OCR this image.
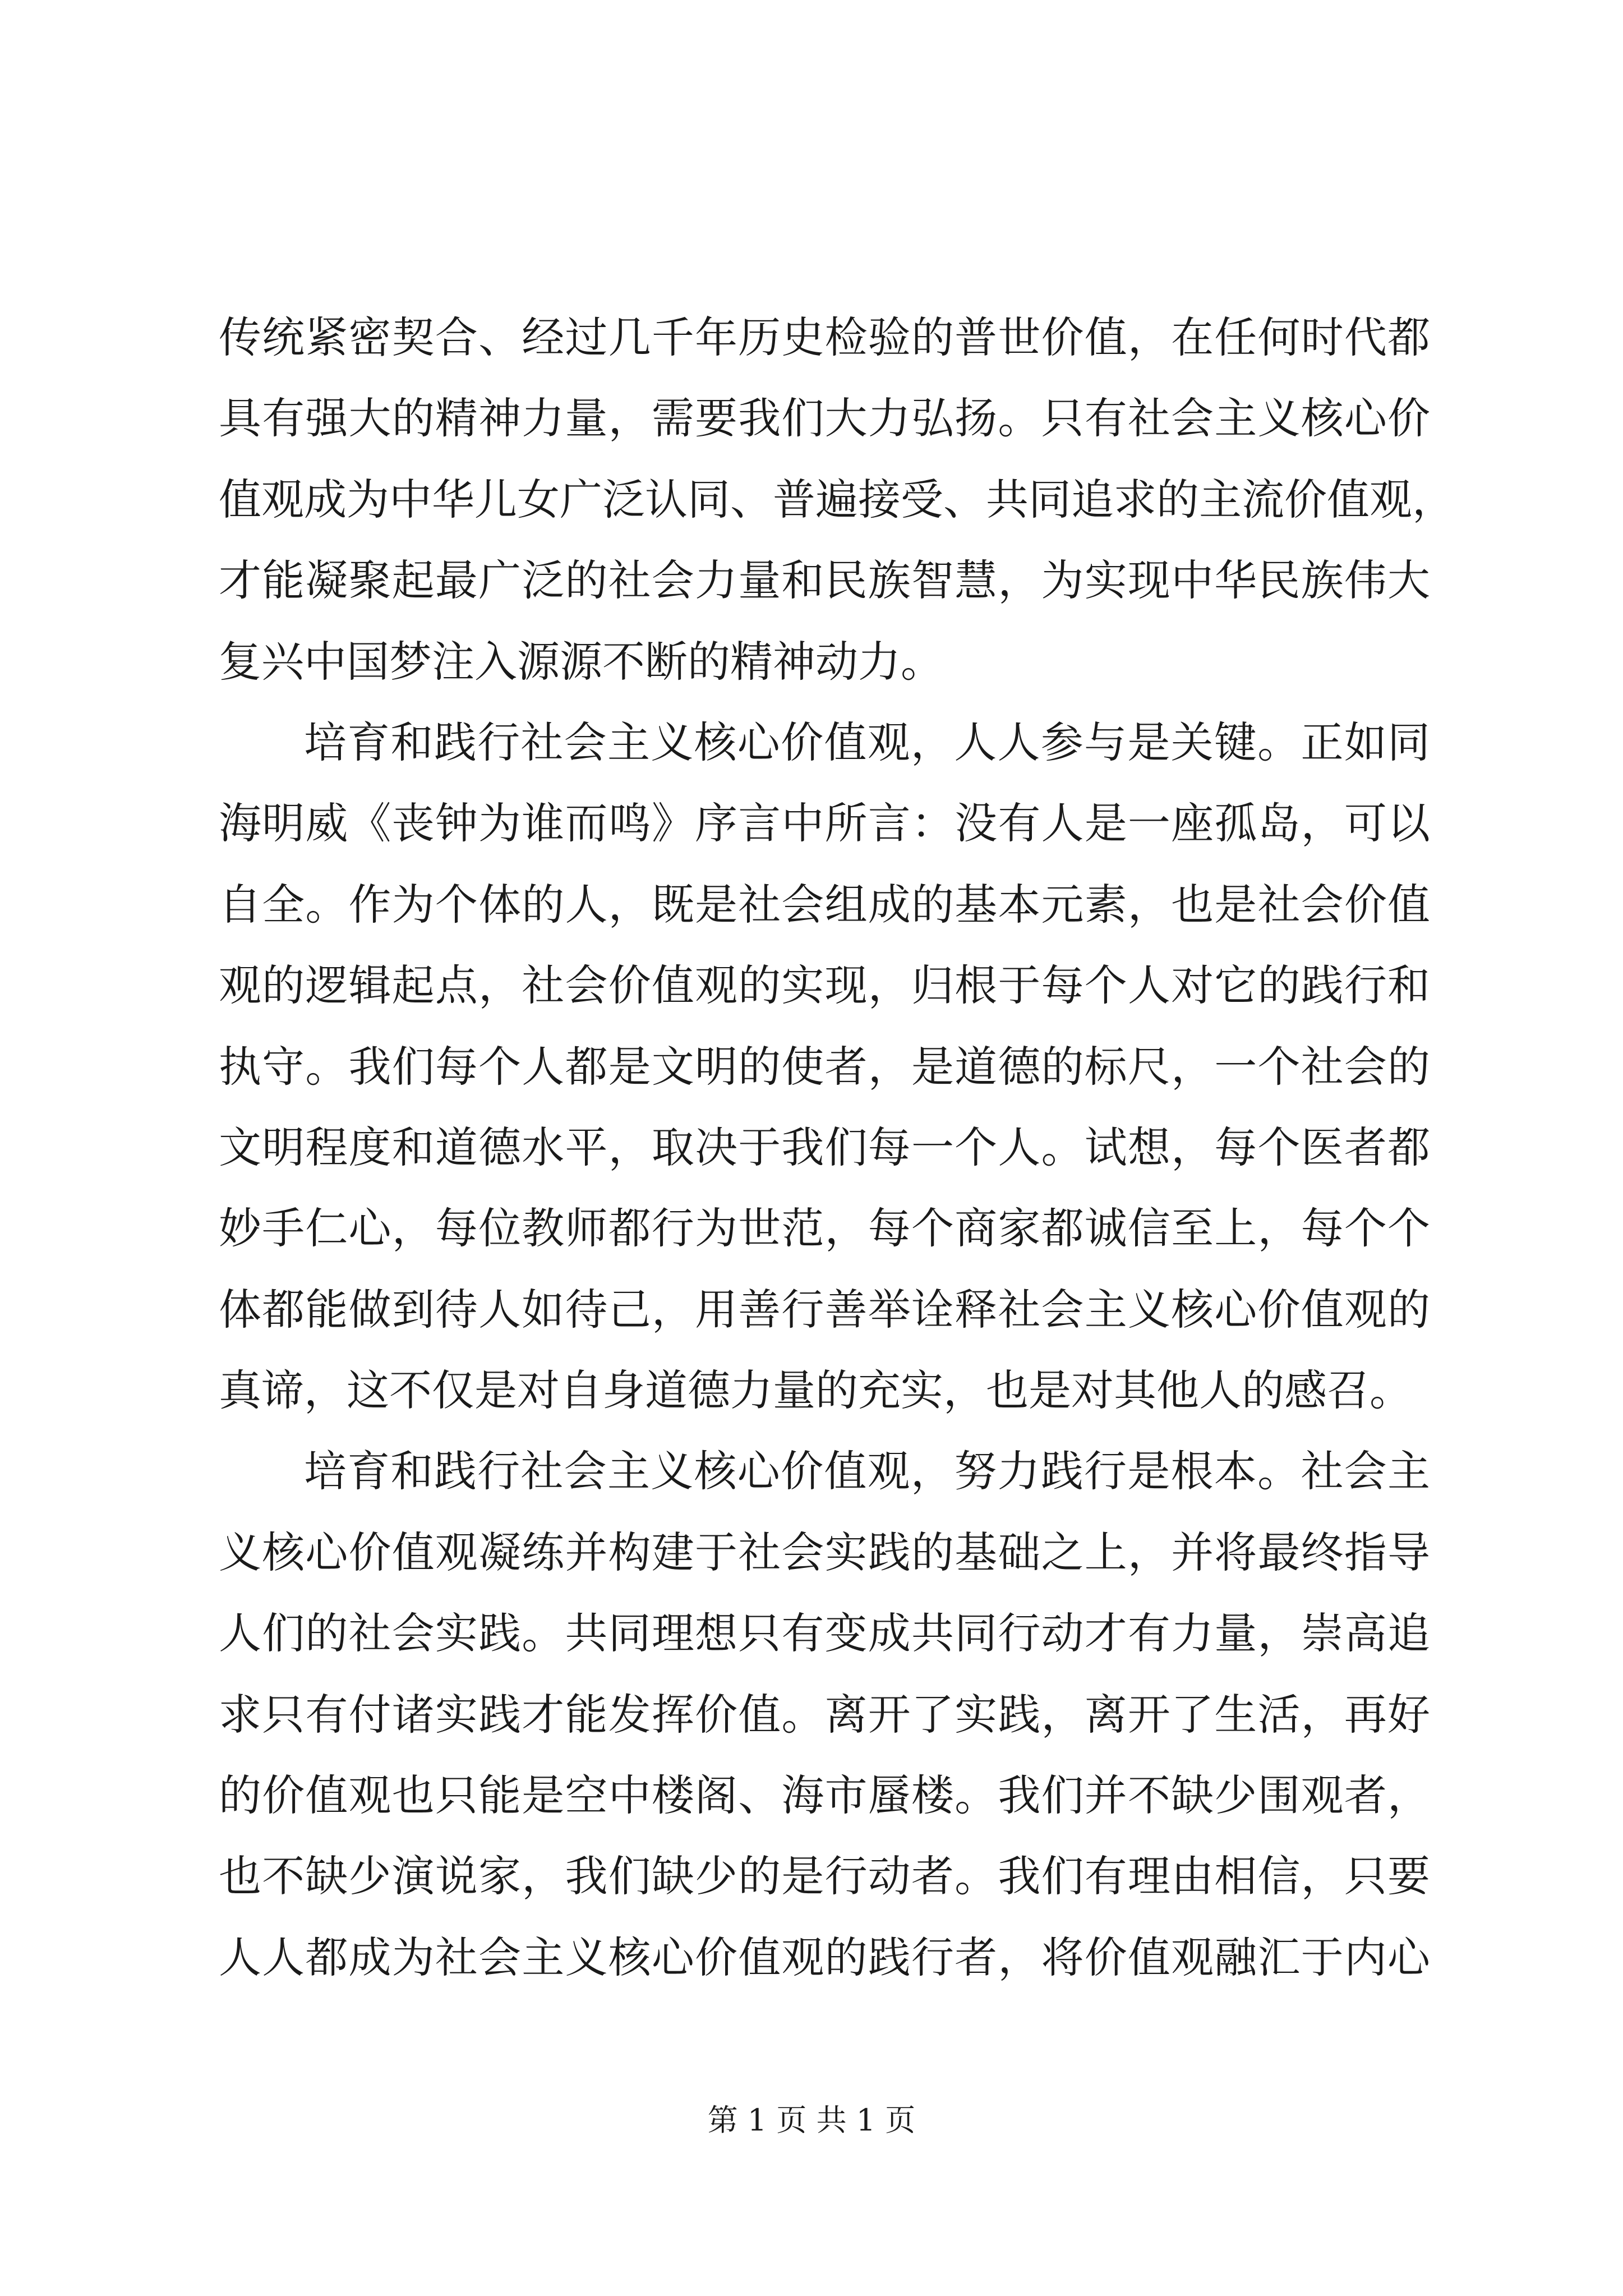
传统紧密契合、经过几千年历史检验的普世价值，在任何时代都
具有强大的精神力量，需要我们大力弘扬。只有社会主义核心价
值观成为中华儿女广泛认同、普遍接受、共同追求的主流价值观，
才能凝聚起最广泛的社会力量和民族智慧，为实现中华民族伟大
复兴中国梦注入源源不断的精神动力。
培育和践行社会主义核心价值观，人人参与是关键。正如同
海明威《丧钟为谁而鸣》序言中所言：没有人是一座孤岛，可以
自全。作为个体的人，既是社会组成的基本元素，也是社会价值
观的逻辑起点，社会价值观的实现，归根于每个人对它的践行和
执守。我们每个人都是文明的使者，是道德的标尺，一个社会的
文明程度和道德水平，取决于我们每一个人。试想，每个医者都
妙手仁心，每位教师都行为世范，每个商家都诚信至上，每个个
体都能做到待人如待己，用善行善举诠释社会主义核心价值观的
真谛，这不仅是对自身道德力量的充实，也是对其他人的感召。
培育和践行社会主义核心价值观，努力践行是根本。社会主
义核心价值观凝练并构建于社会实践的基础之上，并将最终指导
人们的社会实践。共同理想只有变成共同行动才有力量，崇高追
求只有付诸实践才能发挥价值。离开了实践，离开了生活，再好
的价值观也只能是空中楼阁、海市蜃楼。我们并不缺少围观者，
也不缺少演说家，我们缺少的是行动者。我们有理由相信，只要
人人都成为社会主义核心价值观的践行者，将价值观融汇于内心
第 1 页 共 1 页
